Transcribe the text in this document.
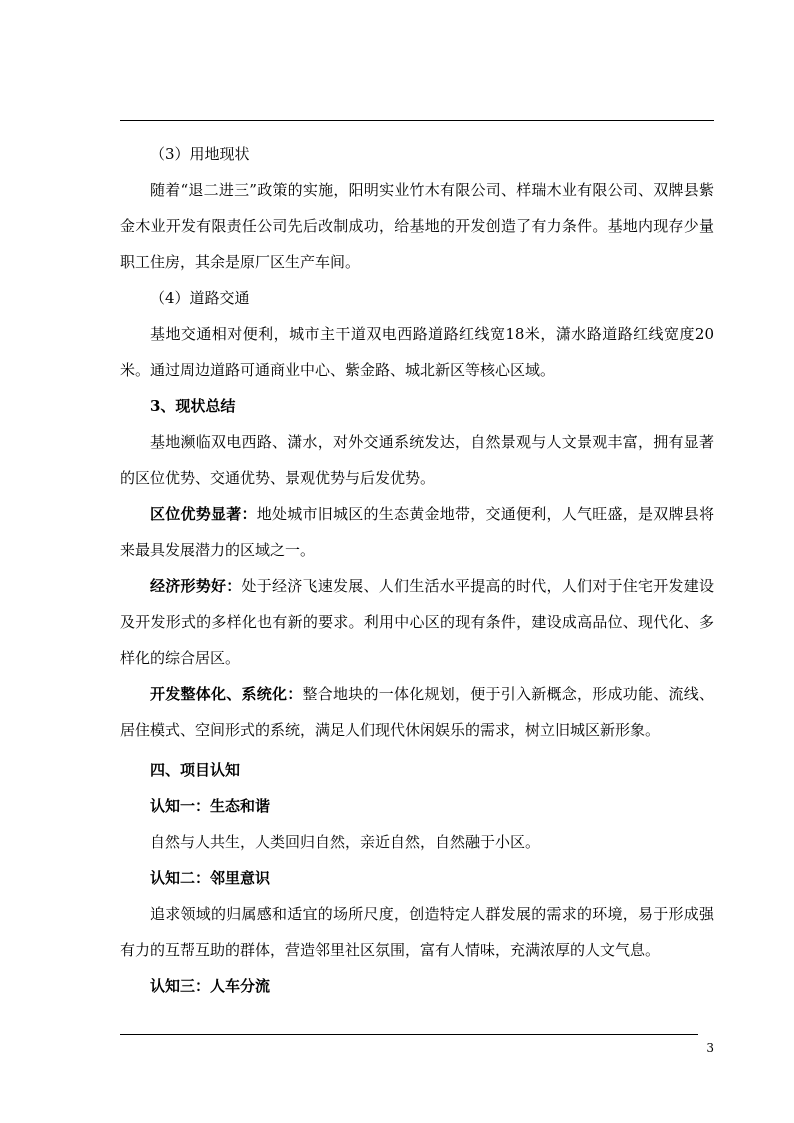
（3）用地现状

随着“退二进三”政策的实施，阳明实业竹木有限公司、样瑞木业有限公司、双牌县紫金木业开发有限责任公司先后改制成功，给基地的开发创造了有力条件。基地内现存少量职工住房，其余是原厂区生产车间。

（4）道路交通

基地交通相对便利，城市主干道双电西路道路红线宽18米，潇水路道路红线宽度20米。通过周边道路可通商业中心、紫金路、城北新区等核心区域。

3、现状总结

基地濒临双电西路、潇水，对外交通系统发达，自然景观与人文景观丰富，拥有显著的区位优势、交通优势、景观优势与后发优势。

区位优势显著：地处城市旧城区的生态黄金地带，交通便利，人气旺盛，是双牌县将来最具发展潜力的区域之一。

经济形势好：处于经济飞速发展、人们生活水平提高的时代，人们对于住宅开发建设及开发形式的多样化也有新的要求。利用中心区的现有条件，建设成高品位、现代化、多样化的综合居区。

开发整体化、系统化：整合地块的一体化规划，便于引入新概念，形成功能、流线、居住模式、空间形式的系统，满足人们现代休闲娱乐的需求，树立旧城区新形象。

四、项目认知

认知一：生态和谐

自然与人共生，人类回归自然，亲近自然，自然融于小区。

认知二：邻里意识

追求领域的归属感和适宜的场所尺度，创造特定人群发展的需求的环境，易于形成强有力的互帮互助的群体，营造邻里社区氛围，富有人情味，充满浓厚的人文气息。

认知三：人车分流

3
